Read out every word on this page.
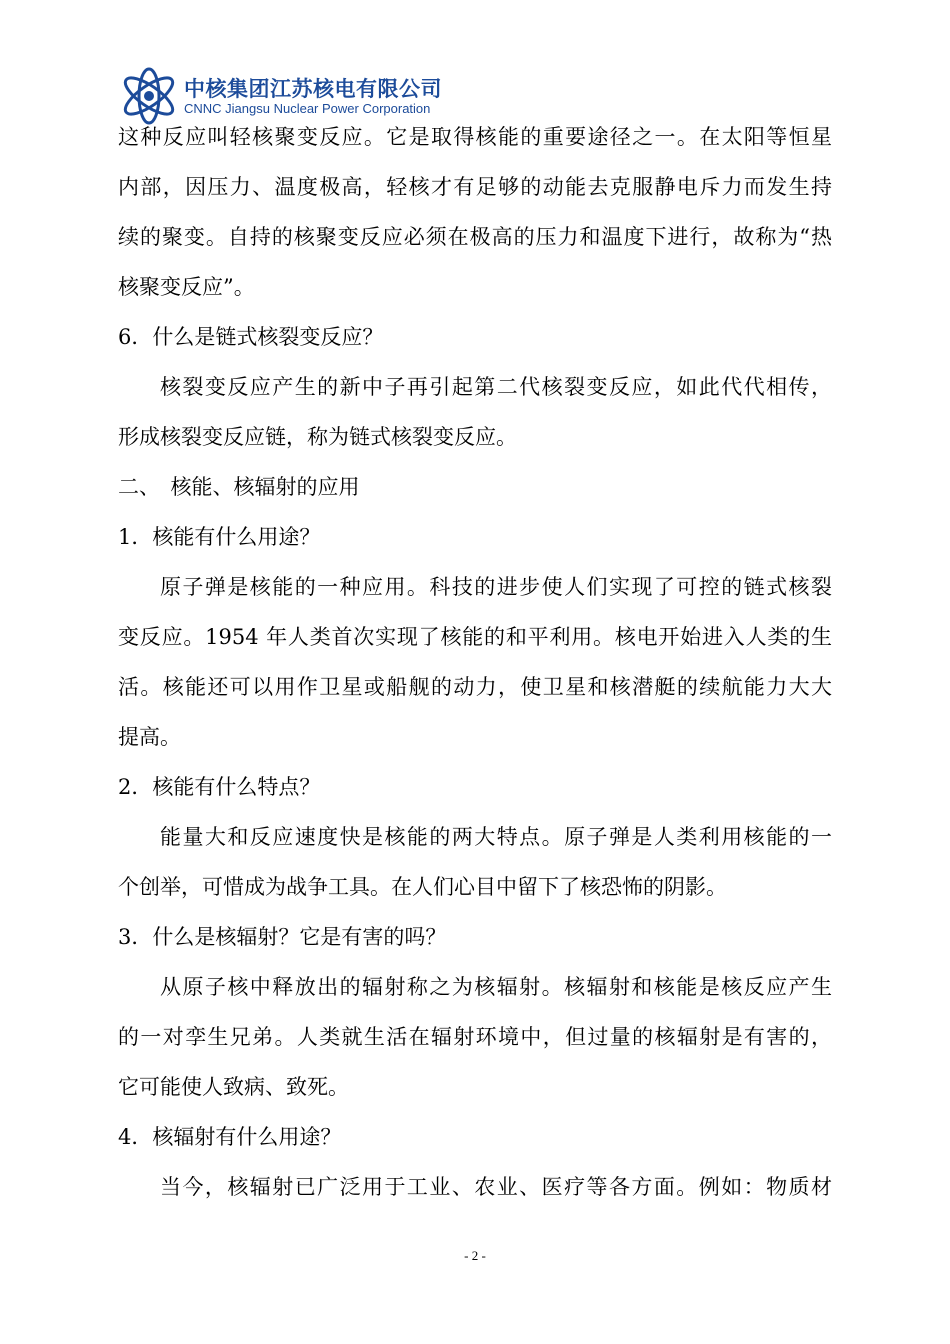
中核集团江苏核电有限公司
CNNC Jiangsu Nuclear Power Corporation
这种反应叫轻核聚变反应。它是取得核能的重要途径之一。在太阳等恒星
内部，因压力、温度极高，轻核才有足够的动能去克服静电斥力而发生持
续的聚变。自持的核聚变反应必须在极高的压力和温度下进行，故称为“热
核聚变反应”。
6．什么是链式核裂变反应？
核裂变反应产生的新中子再引起第二代核裂变反应，如此代代相传，
形成核裂变反应链，称为链式核裂变反应。
二、　核能、核辐射的应用
1．核能有什么用途？
原子弹是核能的一种应用。科技的进步使人们实现了可控的链式核裂
变反应。1954 年人类首次实现了核能的和平利用。核电开始进入人类的生
活。核能还可以用作卫星或船舰的动力，使卫星和核潜艇的续航能力大大
提高。
2．核能有什么特点？
能量大和反应速度快是核能的两大特点。原子弹是人类利用核能的一
个创举，可惜成为战争工具。在人们心目中留下了核恐怖的阴影。
3．什么是核辐射？它是有害的吗？
从原子核中释放出的辐射称之为核辐射。核辐射和核能是核反应产生
的一对孪生兄弟。人类就生活在辐射环境中，但过量的核辐射是有害的，
它可能使人致病、致死。
4．核辐射有什么用途？
当今，核辐射已广泛用于工业、农业、医疗等各方面。例如：物质材
- 2 -
